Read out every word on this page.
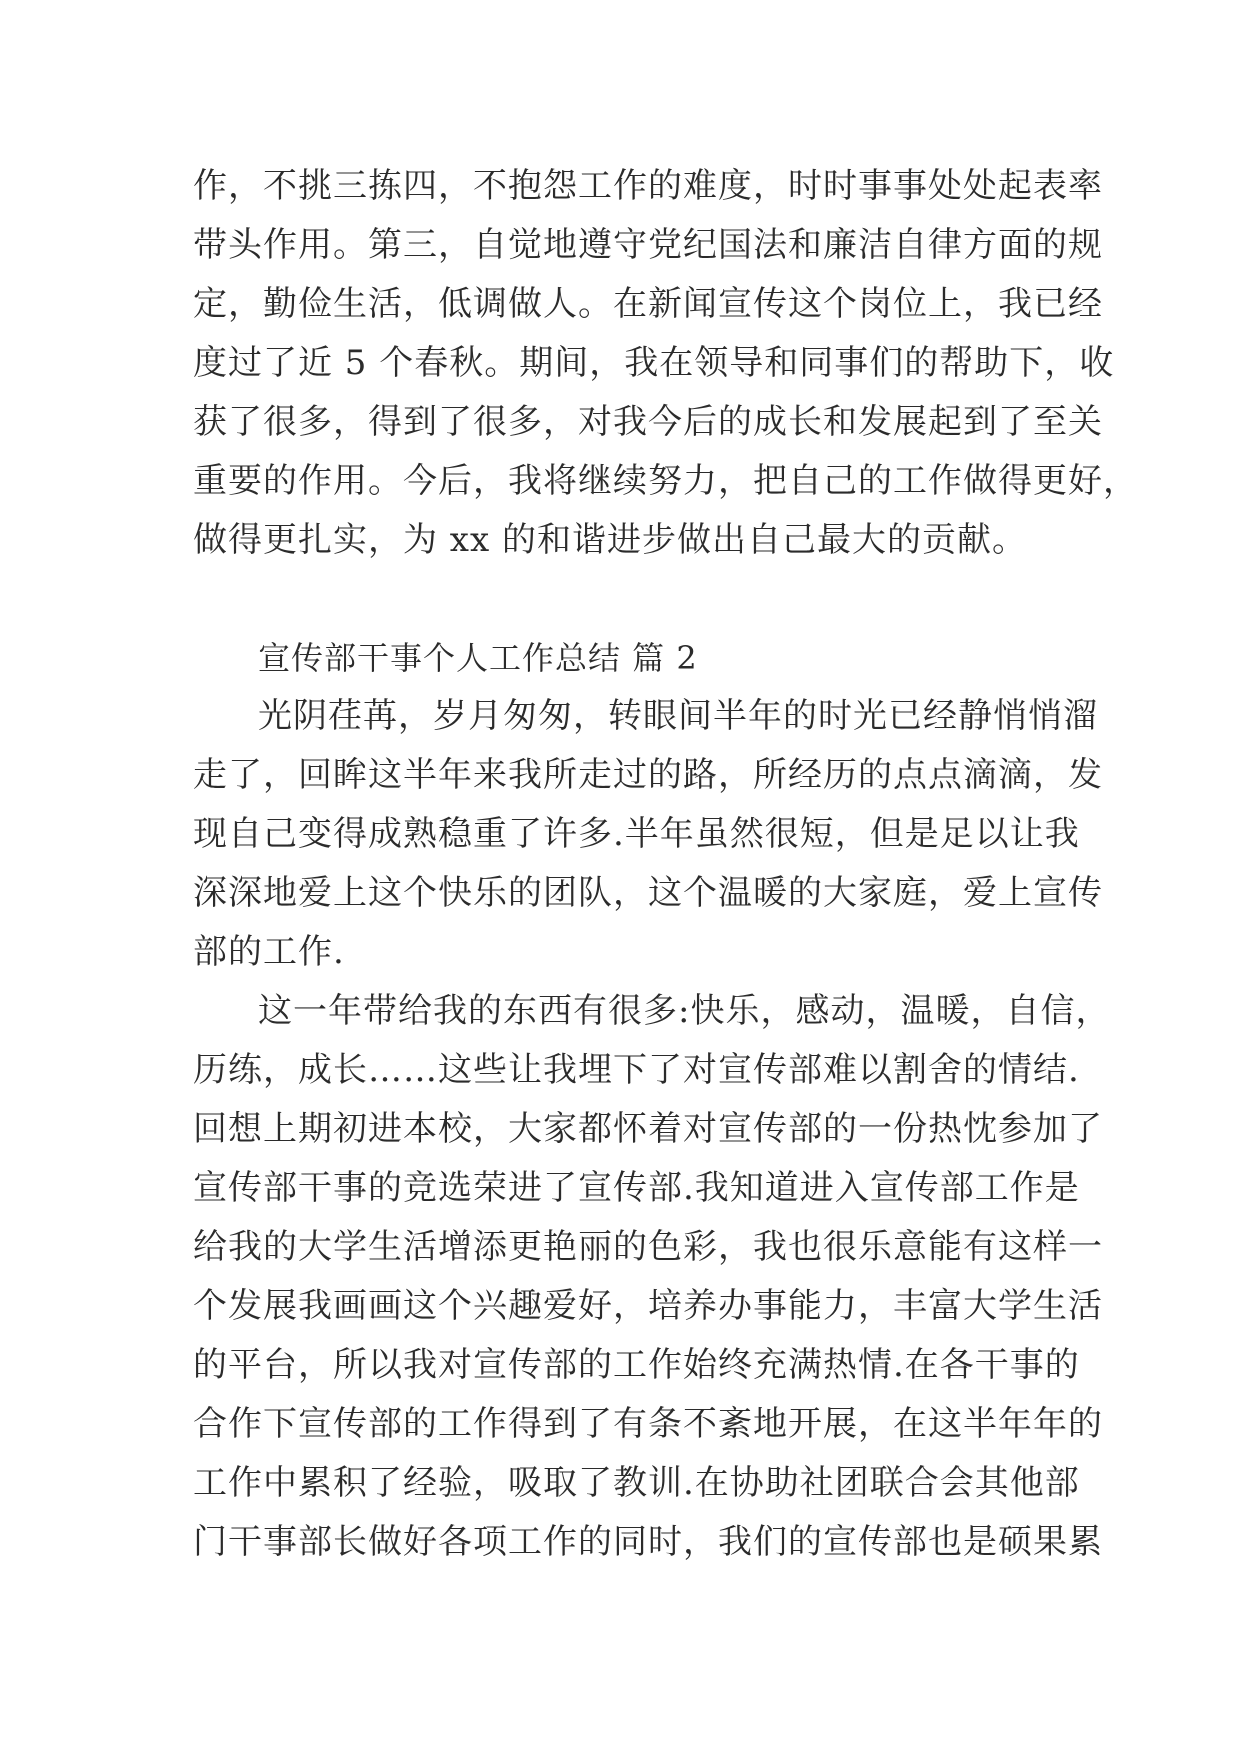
作，不挑三拣四，不抱怨工作的难度，时时事事处处起表率
带头作用。第三，自觉地遵守党纪国法和廉洁自律方面的规
定，勤俭生活，低调做人。在新闻宣传这个岗位上，我已经
度过了近 5 个春秋。期间，我在领导和同事们的帮助下，收
获了很多，得到了很多，对我今后的成长和发展起到了至关
重要的作用。今后，我将继续努力，把自己的工作做得更好，
做得更扎实，为 xx 的和谐进步做出自己最大的贡献。
宣传部干事个人工作总结 篇 2
光阴荏苒，岁月匆匆，转眼间半年的时光已经静悄悄溜
走了，回眸这半年来我所走过的路，所经历的点点滴滴，发
现自己变得成熟稳重了许多.半年虽然很短，但是足以让我
深深地爱上这个快乐的团队，这个温暖的大家庭，爱上宣传
部的工作.
这一年带给我的东西有很多:快乐，感动，温暖，自信，
历练，成长……这些让我埋下了对宣传部难以割舍的情结.
回想上期初进本校，大家都怀着对宣传部的一份热忱参加了
宣传部干事的竞选荣进了宣传部.我知道进入宣传部工作是
给我的大学生活增添更艳丽的色彩，我也很乐意能有这样一
个发展我画画这个兴趣爱好，培养办事能力，丰富大学生活
的平台，所以我对宣传部的工作始终充满热情.在各干事的
合作下宣传部的工作得到了有条不紊地开展，在这半年年的
工作中累积了经验，吸取了教训.在协助社团联合会其他部
门干事部长做好各项工作的同时，我们的宣传部也是硕果累
